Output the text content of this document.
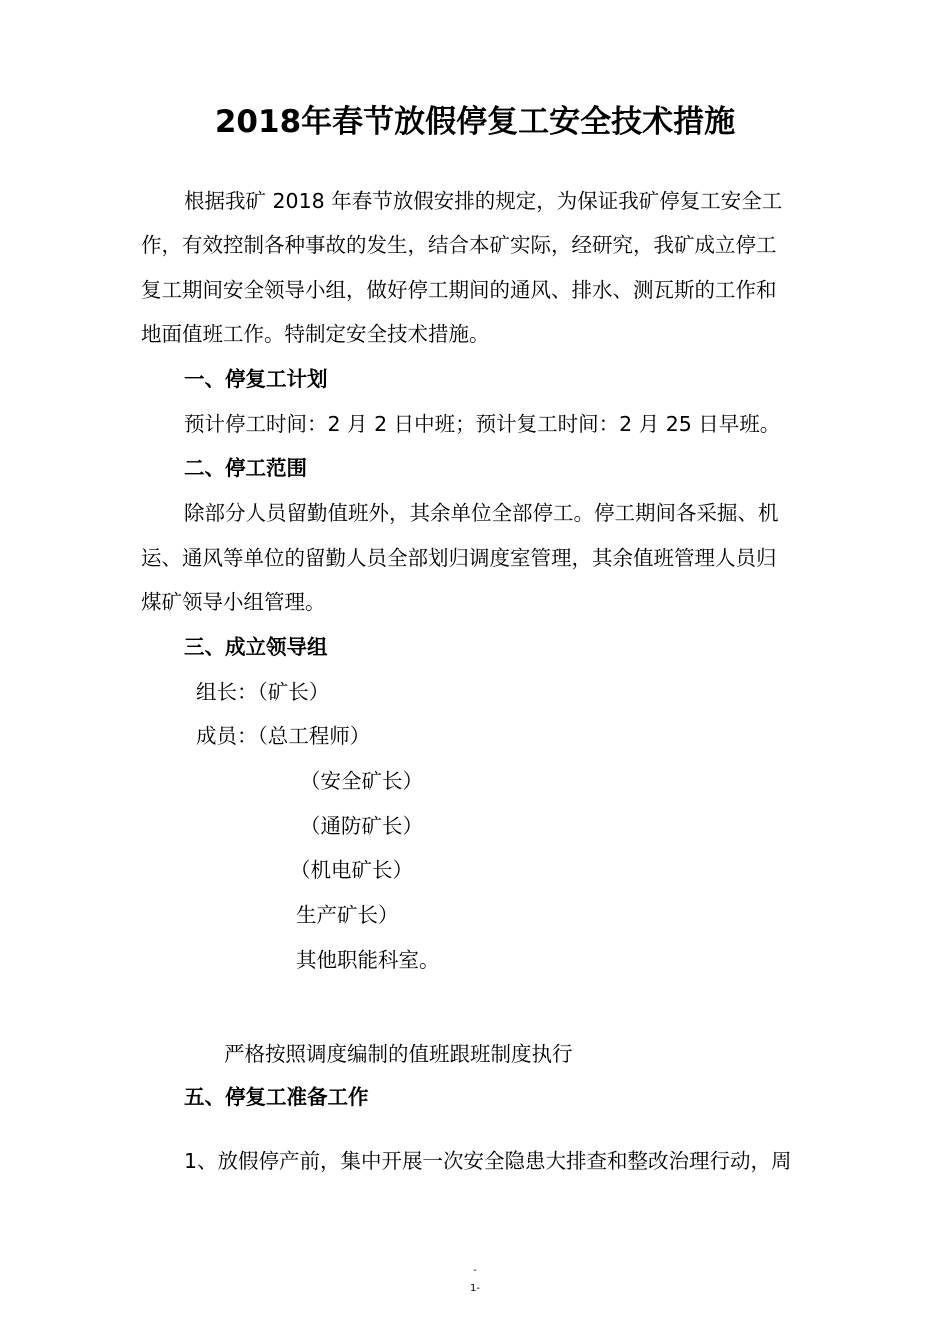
2018年春节放假停复工安全技术措施
根据我矿 2018 年春节放假安排的规定，为保证我矿停复工安全工
作，有效控制各种事故的发生，结合本矿实际，经研究，我矿成立停工
复工期间安全领导小组，做好停工期间的通风、排水、测瓦斯的工作和
地面值班工作。特制定安全技术措施。
一、停复工计划
预计停工时间：2 月 2 日中班；预计复工时间：2 月 25 日早班。
二、停工范围
除部分人员留勤值班外，其余单位全部停工。停工期间各采掘、机
运、通风等单位的留勤人员全部划归调度室管理，其余值班管理人员归
煤矿领导小组管理。
三、成立领导组
组长：（矿长）
成员：（总工程师）
（安全矿长）
（通防矿长）
（机电矿长）
生产矿长）
其他职能科室。
严格按照调度编制的值班跟班制度执行
五、停复工准备工作
1、放假停产前，集中开展一次安全隐患大排查和整改治理行动，周
-
1-
